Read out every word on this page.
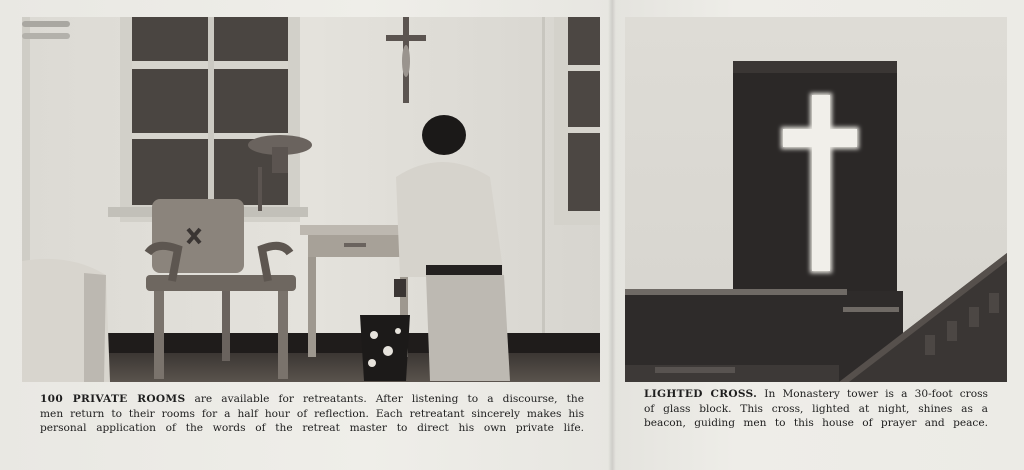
100 PRIVATE ROOMS are available for retreatants. After listening to a discourse, the
men return to their rooms for a half hour of reflection. Each retreatant sincerely makes his
personal application of the words of the retreat master to direct his own private life.

LIGHTED CROSS. In Monastery tower is a 30-foot cross
of glass block. This cross, lighted at night, shines as a
beacon, guiding men to this house of prayer and peace.
